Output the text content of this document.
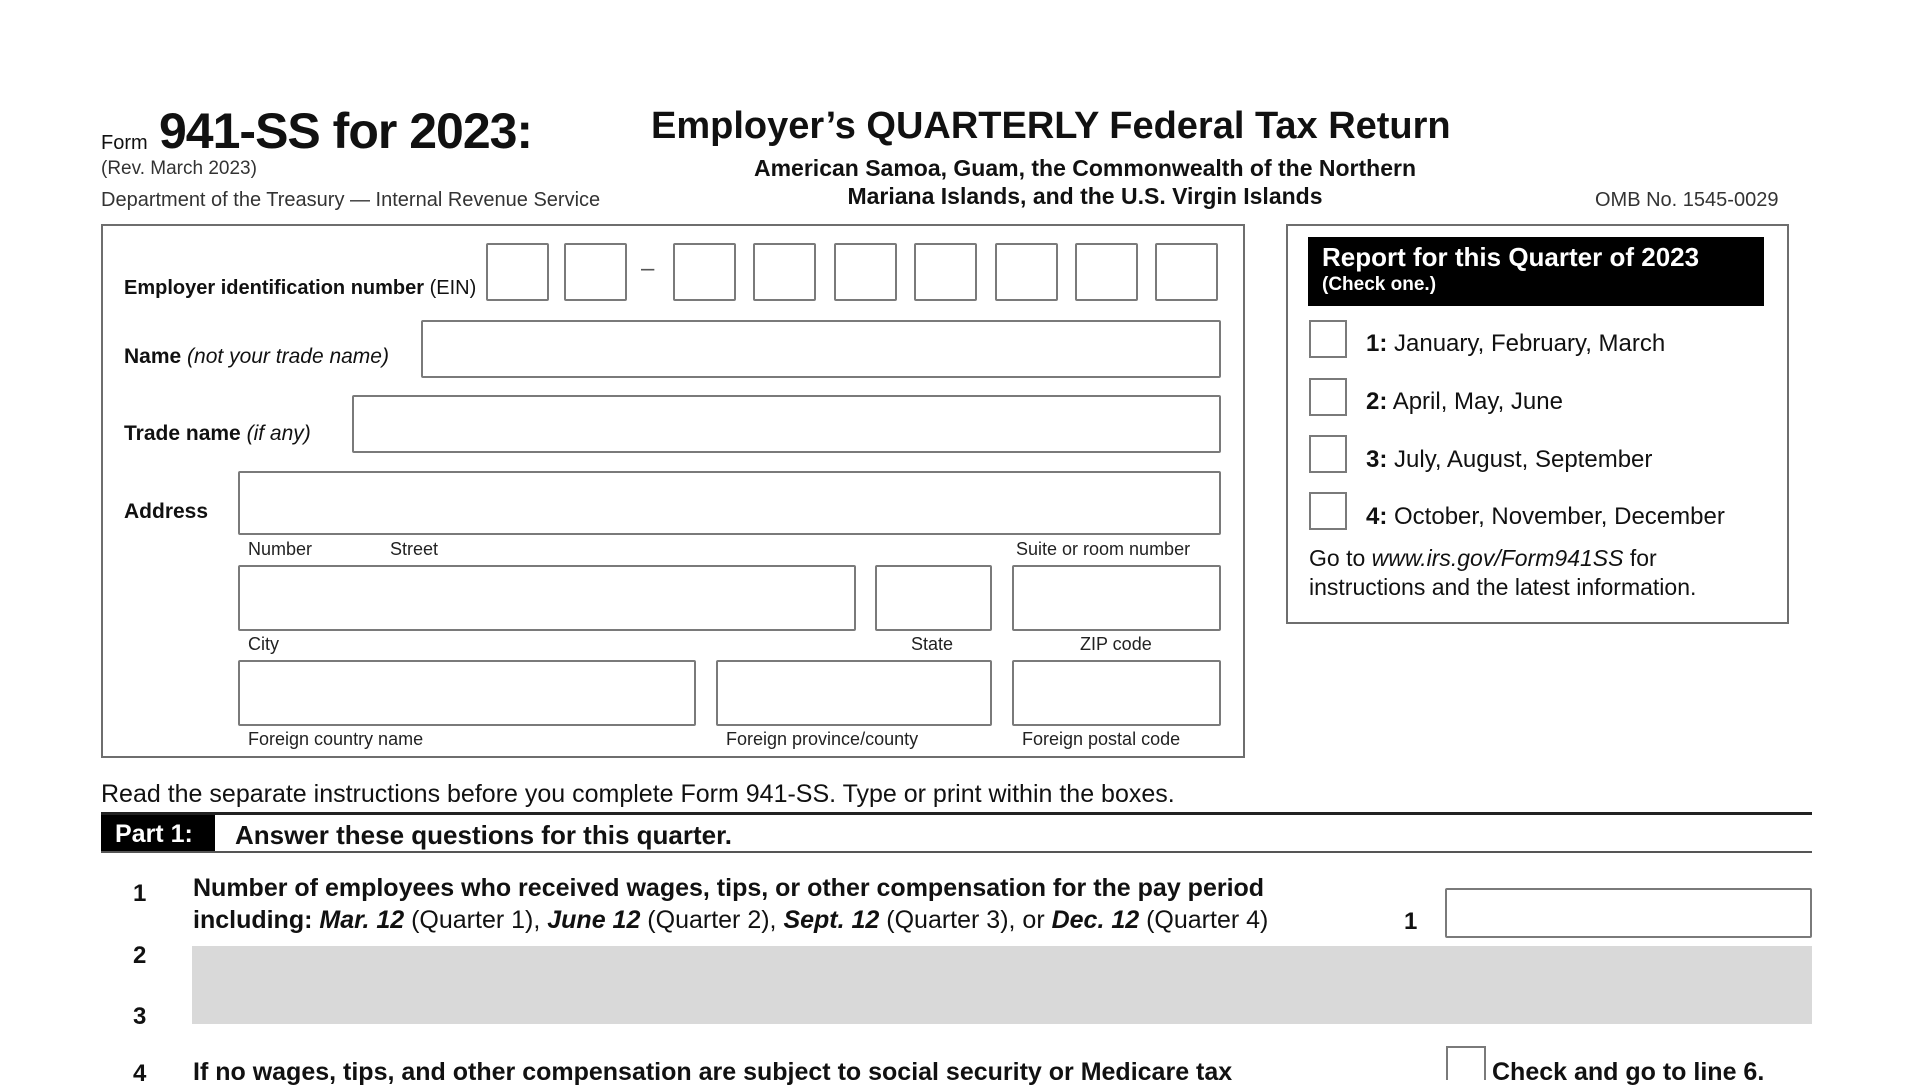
Form 941-SS for 2023:
(Rev. March 2023)
Department of the Treasury — Internal Revenue Service
Employer’s QUARTERLY Federal Tax Return
American Samoa, Guam, the Commonwealth of the Northern
Mariana Islands, and the U.S. Virgin Islands	OMB No. 1545-0029
Employer identification number (EIN)
–
Name (not your trade name)
Trade name (if any)
Address
Number	Street	Suite or room number
City	State	ZIP code
Foreign country name	Foreign province/county	Foreign postal code
Report for this Quarter of 2023
(Check one.)
1: January, February, March
2: April, May, June
3: July, August, September
4: October, November, December
Go to www.irs.gov/Form941SS for
instructions and the latest information.
Read the separate instructions before you complete Form 941-SS. Type or print within the boxes.
Part 1: Answer these questions for this quarter.
1 Number of employees who received wages, tips, or other compensation for the pay period
including: Mar. 12 (Quarter 1), June 12 (Quarter 2), Sept. 12 (Quarter 3), or Dec. 12 (Quarter 4)	1
2
3
4 If no wages, tips, and other compensation are subject to social security or Medicare tax	Check and go to line 6.
